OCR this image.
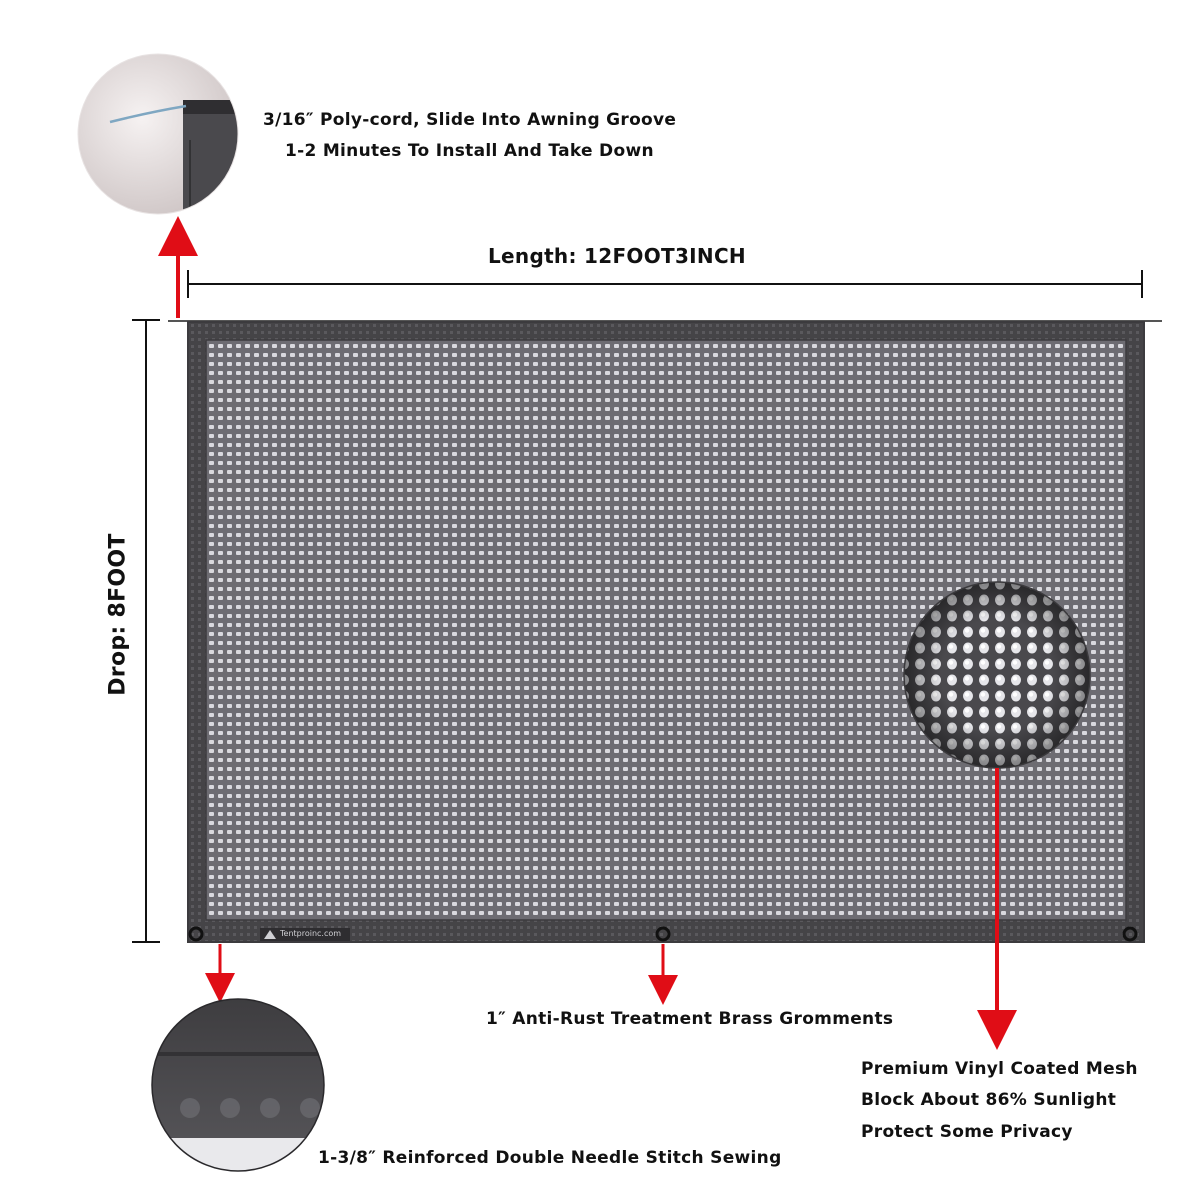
3/16″ Poly-cord, Slide Into Awning Groove
1-2 Minutes To Install And Take Down
Length: 12FOOT3INCH
Drop: 8FOOT
Tentproinc.com
1″ Anti-Rust Treatment Brass Gromments
Premium Vinyl Coated Mesh
Block About 86% Sunlight
Protect Some Privacy
1-3/8″ Reinforced Double Needle Stitch Sewing
